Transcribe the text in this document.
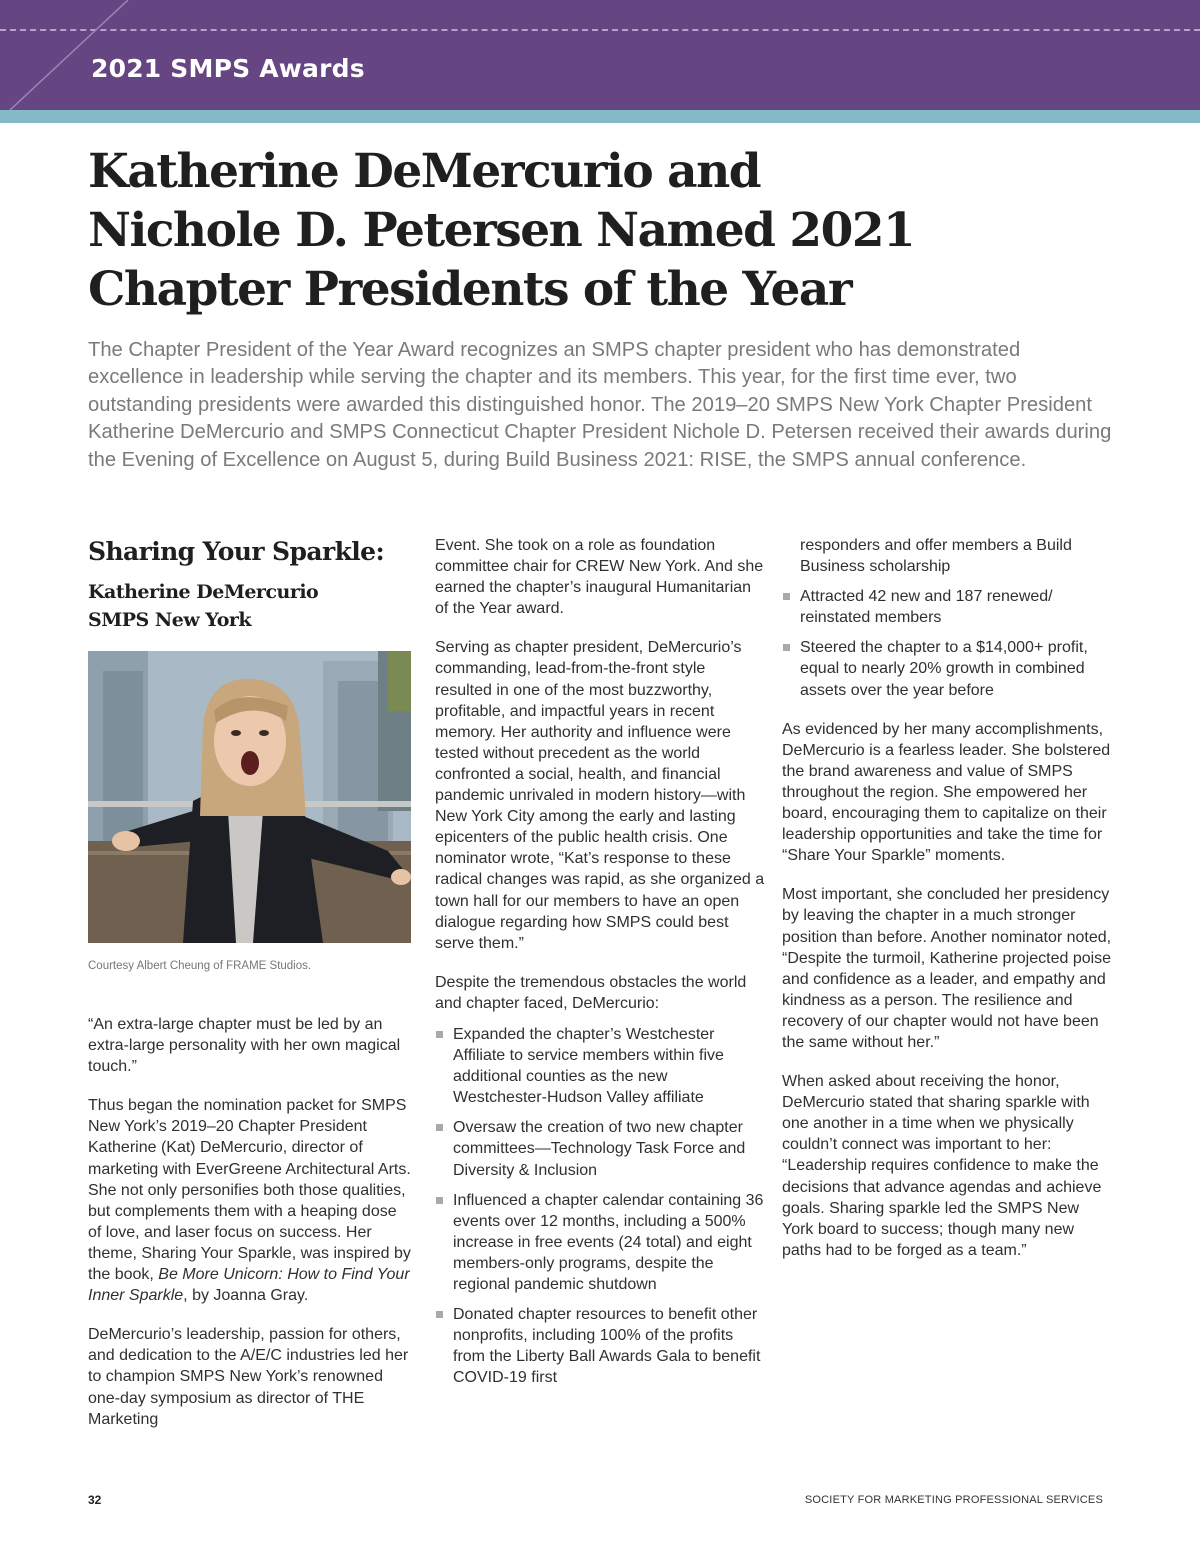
2021 SMPS Awards
Katherine DeMercurio and
Nichole D. Petersen Named 2021
Chapter Presidents of the Year

The Chapter President of the Year Award recognizes an SMPS chapter president who has demonstrated excellence in leadership while serving the chapter and its members. This year, for the first time ever, two outstanding presidents were awarded this distinguished honor. The 2019–20 SMPS New York Chapter President Katherine DeMercurio and SMPS Connecticut Chapter President Nichole D. Petersen received their awards during the Evening of Excellence on August 5, during Build Business 2021: RISE, the SMPS annual conference.

Sharing Your Sparkle:
Katherine DeMercurio
SMPS New York
Courtesy Albert Cheung of FRAME Studios.

“An extra-large chapter must be led by an extra-large personality with her own magical touch.”

Thus began the nomination packet for SMPS New York’s 2019–20 Chapter President Katherine (Kat) DeMercurio, director of marketing with EverGreene Architectural Arts. She not only personifies both those qualities, but complements them with a heaping dose of love, and laser focus on success. Her theme, Sharing Your Sparkle, was inspired by the book, Be More Unicorn: How to Find Your Inner Sparkle, by Joanna Gray.

DeMercurio’s leadership, passion for others, and dedication to the A/E/C industries led her to champion SMPS New York’s renowned one-day symposium as director of THE Marketing

Event. She took on a role as foundation committee chair for CREW New York. And she earned the chapter’s inaugural Humanitarian of the Year award.

Serving as chapter president, DeMercurio’s commanding, lead-from-the-front style resulted in one of the most buzzworthy, profitable, and impactful years in recent memory. Her authority and influence were tested without precedent as the world confronted a social, health, and financial pandemic unrivaled in modern history—with New York City among the early and lasting epicenters of the public health crisis. One nominator wrote, “Kat’s response to these radical changes was rapid, as she organized a town hall for our members to have an open dialogue regarding how SMPS could best serve them.”

Despite the tremendous obstacles the world and chapter faced, DeMercurio:

Expanded the chapter’s Westchester Affiliate to service members within five additional counties as the new Westchester-Hudson Valley affiliate
Oversaw the creation of two new chapter committees—Technology Task Force and Diversity & Inclusion
Influenced a chapter calendar containing 36 events over 12 months, including a 500% increase in free events (24 total) and eight members-only programs, despite the regional pandemic shutdown
Donated chapter resources to benefit other nonprofits, including 100% of the profits from the Liberty Ball Awards Gala to benefit COVID-19 first
responders and offer members a Build Business scholarship
Attracted 42 new and 187 renewed/ reinstated members
Steered the chapter to a $14,000+ profit, equal to nearly 20% growth in combined assets over the year before

As evidenced by her many accomplishments, DeMercurio is a fearless leader. She bolstered the brand awareness and value of SMPS throughout the region. She empowered her board, encouraging them to capitalize on their leadership opportunities and take the time for “Share Your Sparkle” moments.

Most important, she concluded her presidency by leaving the chapter in a much stronger position than before. Another nominator noted, “Despite the turmoil, Katherine projected poise and confidence as a leader, and empathy and kindness as a person. The resilience and recovery of our chapter would not have been the same without her.”

When asked about receiving the honor, DeMercurio stated that sharing sparkle with one another in a time when we physically couldn’t connect was important to her: “Leadership requires confidence to make the decisions that advance agendas and achieve goals. Sharing sparkle led the SMPS New York board to success; though many new paths had to be forged as a team.”

32	SOCIETY FOR MARKETING PROFESSIONAL SERVICES
